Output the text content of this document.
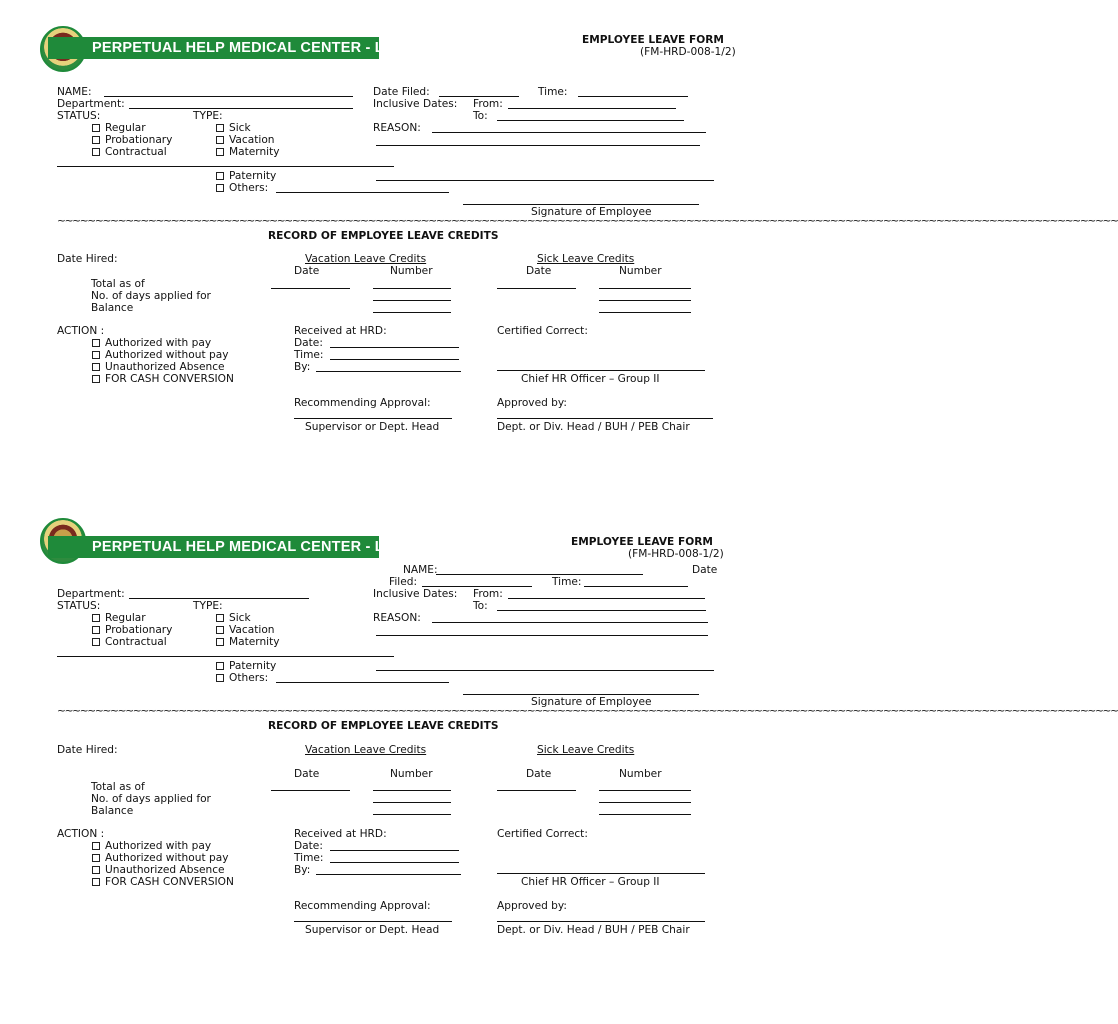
PERPETUAL HELP MEDICAL CENTER - LAS PIÑAS	EMPLOYEE LEAVE FORM
(FM-HRD-008-1/2)
NAME:
Department:
STATUS:	TYPE:
Regular
Probationary
Contractual
Sick
Vacation
Maternity
Paternity
Others:
Date Filed:	Time:
Inclusive Dates: From:
To:
REASON:
Signature of Employee
~~~~~~~~~~~~~~~~~~~~~~~~~~~~~~~~~~~~~~~~~~~~~~~~~~~~~~~~~~~~~~~~~~~~~~~~~~~~~~~~~~~~~~~~~~~~~~~~~~~~~~~~~~~~~~~~~~~~~~~~~~~~~~~~~~~~~~~~~~~~
RECORD OF EMPLOYEE LEAVE CREDITS
Date Hired:	Vacation Leave Credits	Sick Leave Credits
Date	Number	Date	Number
Total as of
No. of days applied for
Balance
ACTION :
Authorized with pay
Authorized without pay
Unauthorized Absence
FOR CASH CONVERSION
Received at HRD:
Date:
Time:
By:
Certified Correct:
Chief HR Officer – Group II
Recommending Approval:
Supervisor or Dept. Head
Approved by:
Dept. or Div. Head / BUH / PEB Chair
PERPETUAL HELP MEDICAL CENTER - LAS PIÑAS	EMPLOYEE LEAVE FORM
(FM-HRD-008-1/2)
Department:
STATUS:	TYPE:
Regular
Probationary
Contractual
Sick
Vacation
Maternity
Paternity
Others:
NAME:	Date
Filed:	Time:
Inclusive Dates: From:
To:
REASON:
Signature of Employee
~~~~~~~~~~~~~~~~~~~~~~~~~~~~~~~~~~~~~~~~~~~~~~~~~~~~~~~~~~~~~~~~~~~~~~~~~~~~~~~~~~~~~~~~~~~~~~~~~~~~~~~~~~~~~~~~~~~~~~~~~~~~~~~~~~~~~~~~~~~~
RECORD OF EMPLOYEE LEAVE CREDITS
Date Hired:	Vacation Leave Credits	Sick Leave Credits
Date	Number	Date	Number
Total as of
No. of days applied for
Balance
ACTION :
Authorized with pay
Authorized without pay
Unauthorized Absence
FOR CASH CONVERSION
Received at HRD:
Date:
Time:
By:
Certified Correct:
Chief HR Officer – Group II
Recommending Approval:
Supervisor or Dept. Head
Approved by:
Dept. or Div. Head / BUH / PEB Chair
